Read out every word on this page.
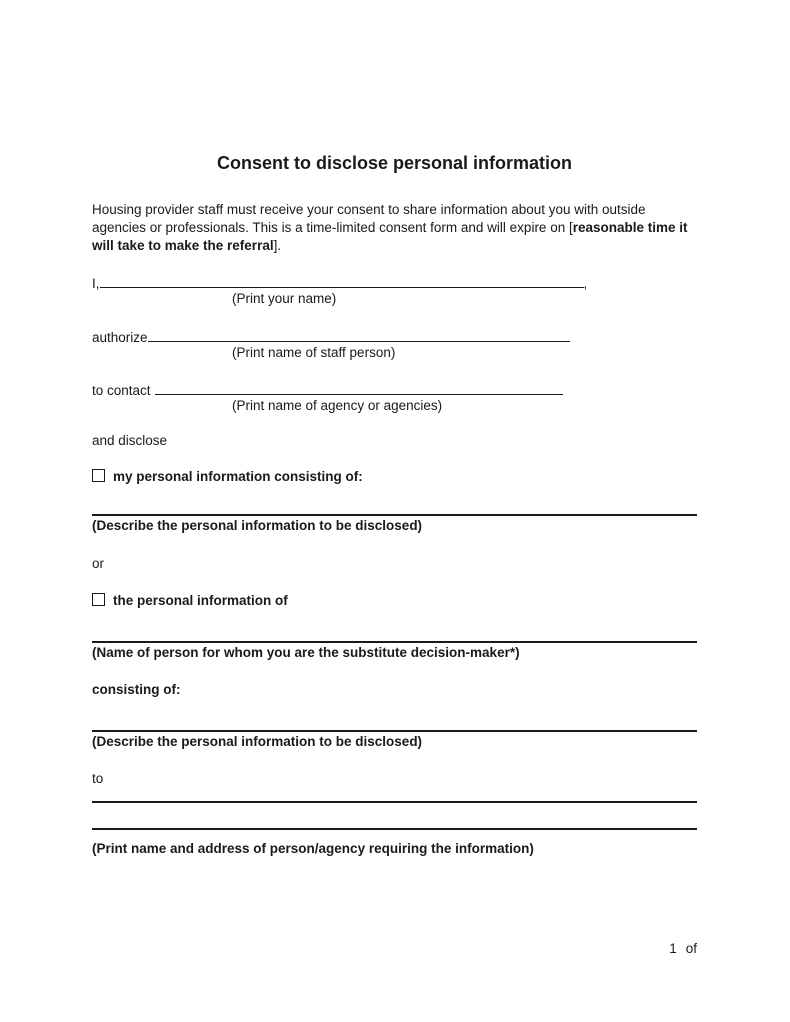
Consent to disclose personal information
Housing provider staff must receive your consent to share information about you with outside agencies or professionals. This is a time-limited consent form and will expire on [reasonable time it will take to make the referral].
I,	,
(Print your name)
authorize
(Print name of staff person)
to contact
(Print name of agency or agencies)
and disclose
my personal information consisting of:

(Describe the personal information to be disclosed)

or
the personal information of

(Name of person for whom you are the substitute decision-maker*)

consisting of:

(Describe the personal information to be disclosed)

to
(Print name and address of person/agency requiring the information)
1 of
